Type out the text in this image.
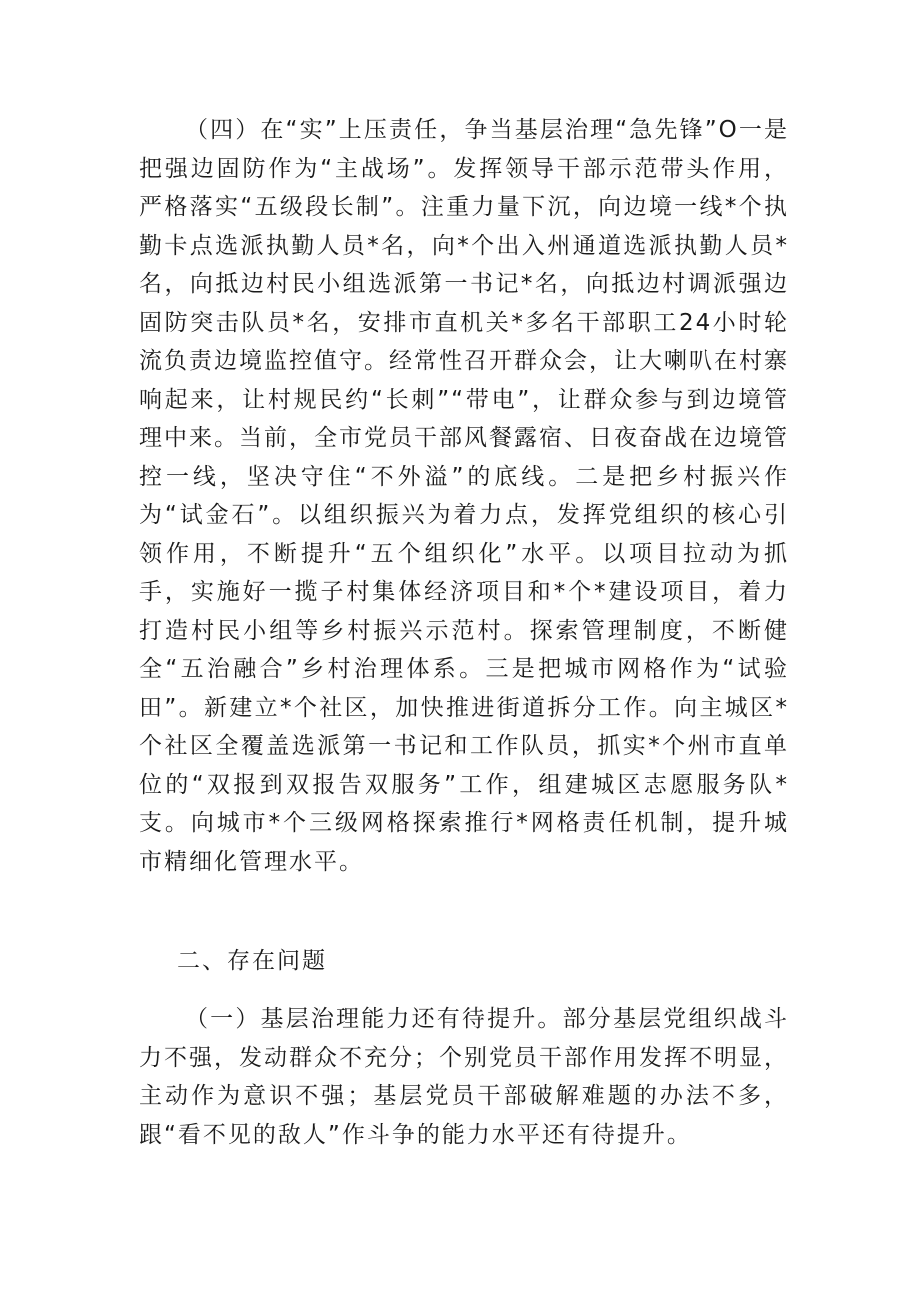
（四）在“实”上压责任，争当基层治理“急先锋”O一是把强边固防作为“主战场”。发挥领导干部示范带头作用，严格落实“五级段长制”。注重力量下沉，向边境一线*个执勤卡点选派执勤人员*名，向*个出入州通道选派执勤人员*名，向抵边村民小组选派第一书记*名，向抵边村调派强边固防突击队员*名，安排市直机关*多名干部职工24小时轮流负责边境监控值守。经常性召开群众会，让大喇叭在村寨响起来，让村规民约“长刺”“带电”，让群众参与到边境管理中来。当前，全市党员干部风餐露宿、日夜奋战在边境管控一线，坚决守住“不外溢”的底线。二是把乡村振兴作为“试金石”。以组织振兴为着力点，发挥党组织的核心引领作用，不断提升“五个组织化”水平。以项目拉动为抓手，实施好一揽子村集体经济项目和*个*建设项目，着力打造村民小组等乡村振兴示范村。探索管理制度，不断健全“五治融合”乡村治理体系。三是把城市网格作为“试验田”。新建立*个社区，加快推进街道拆分工作。向主城区*个社区全覆盖选派第一书记和工作队员，抓实*个州市直单位的“双报到双报告双服务”工作，组建城区志愿服务队*支。向城市*个三级网格探索推行*网格责任机制，提升城市精细化管理水平。

二、存在问题

（一）基层治理能力还有待提升。部分基层党组织战斗力不强，发动群众不充分；个别党员干部作用发挥不明显，主动作为意识不强；基层党员干部破解难题的办法不多，跟“看不见的敌人”作斗争的能力水平还有待提升。
